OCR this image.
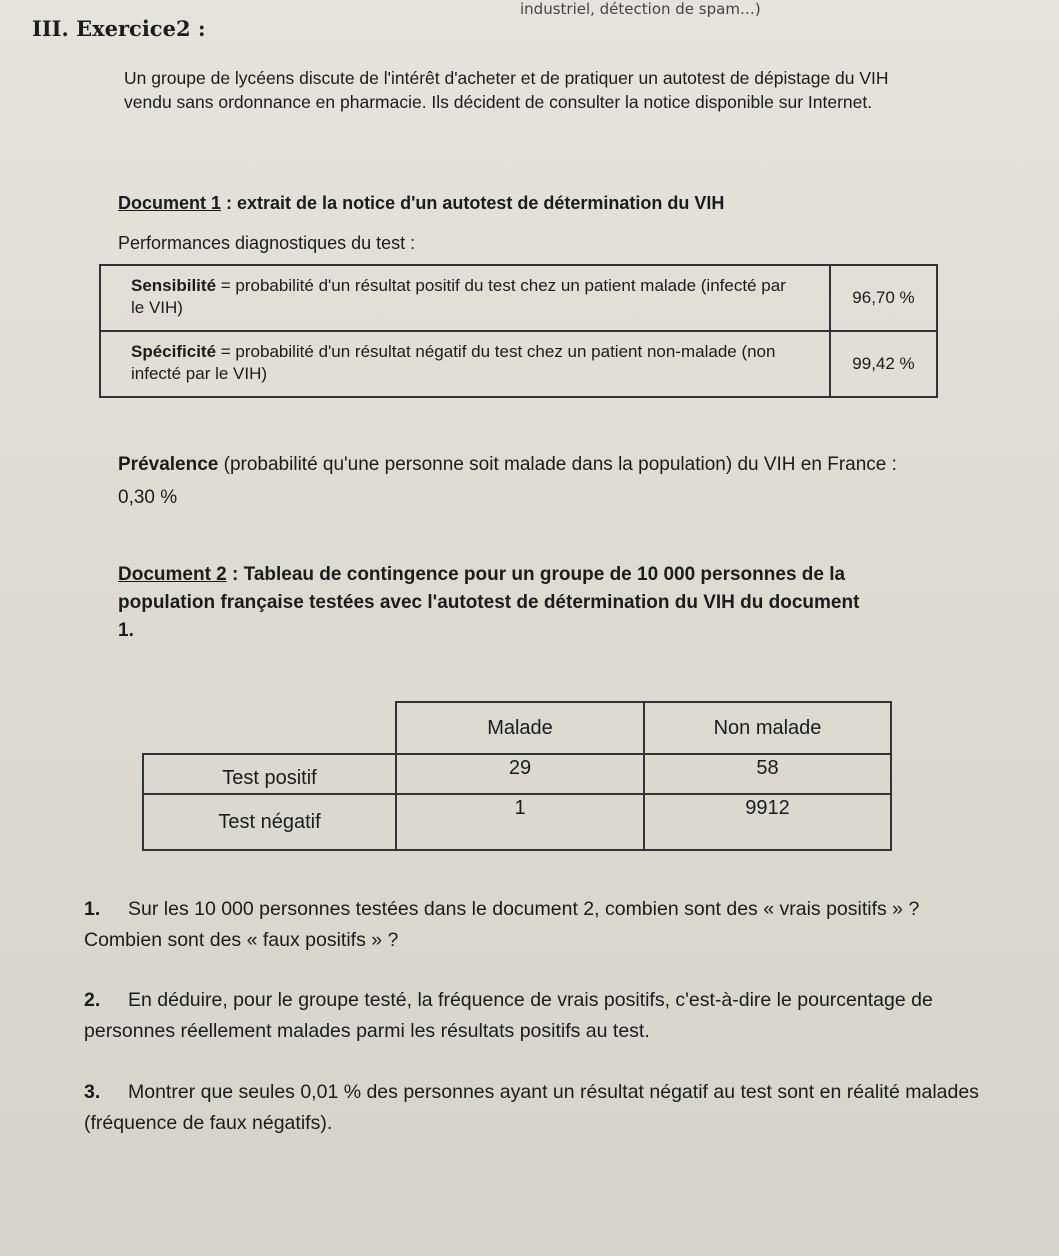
industriel, détection de spam…)
III. Exercice2 :
Un groupe de lycéens discute de l'intérêt d'acheter et de pratiquer un autotest de dépistage du VIH vendu sans ordonnance en pharmacie. Ils décident de consulter la notice disponible sur Internet.
Document 1 : extrait de la notice d'un autotest de détermination du VIH
Performances diagnostiques du test :
Sensibilité = probabilité d'un résultat positif du test chez un patient malade (infecté par le VIH)	96,70 %
Spécificité = probabilité d'un résultat négatif du test chez un patient non-malade (non infecté par le VIH)	99,42 %
Prévalence (probabilité qu'une personne soit malade dans la population) du VIH en France : 0,30 %
Document 2 : Tableau de contingence pour un groupe de 10 000 personnes de la population française testées avec l'autotest de détermination du VIH du document 1.
	Malade	Non malade
Test positif	29	58
Test négatif	1	9912
1. Sur les 10 000 personnes testées dans le document 2, combien sont des « vrais positifs » ? Combien sont des « faux positifs » ?
2. En déduire, pour le groupe testé, la fréquence de vrais positifs, c'est-à-dire le pourcentage de personnes réellement malades parmi les résultats positifs au test.
3. Montrer que seules 0,01 % des personnes ayant un résultat négatif au test sont en réalité malades (fréquence de faux négatifs).
